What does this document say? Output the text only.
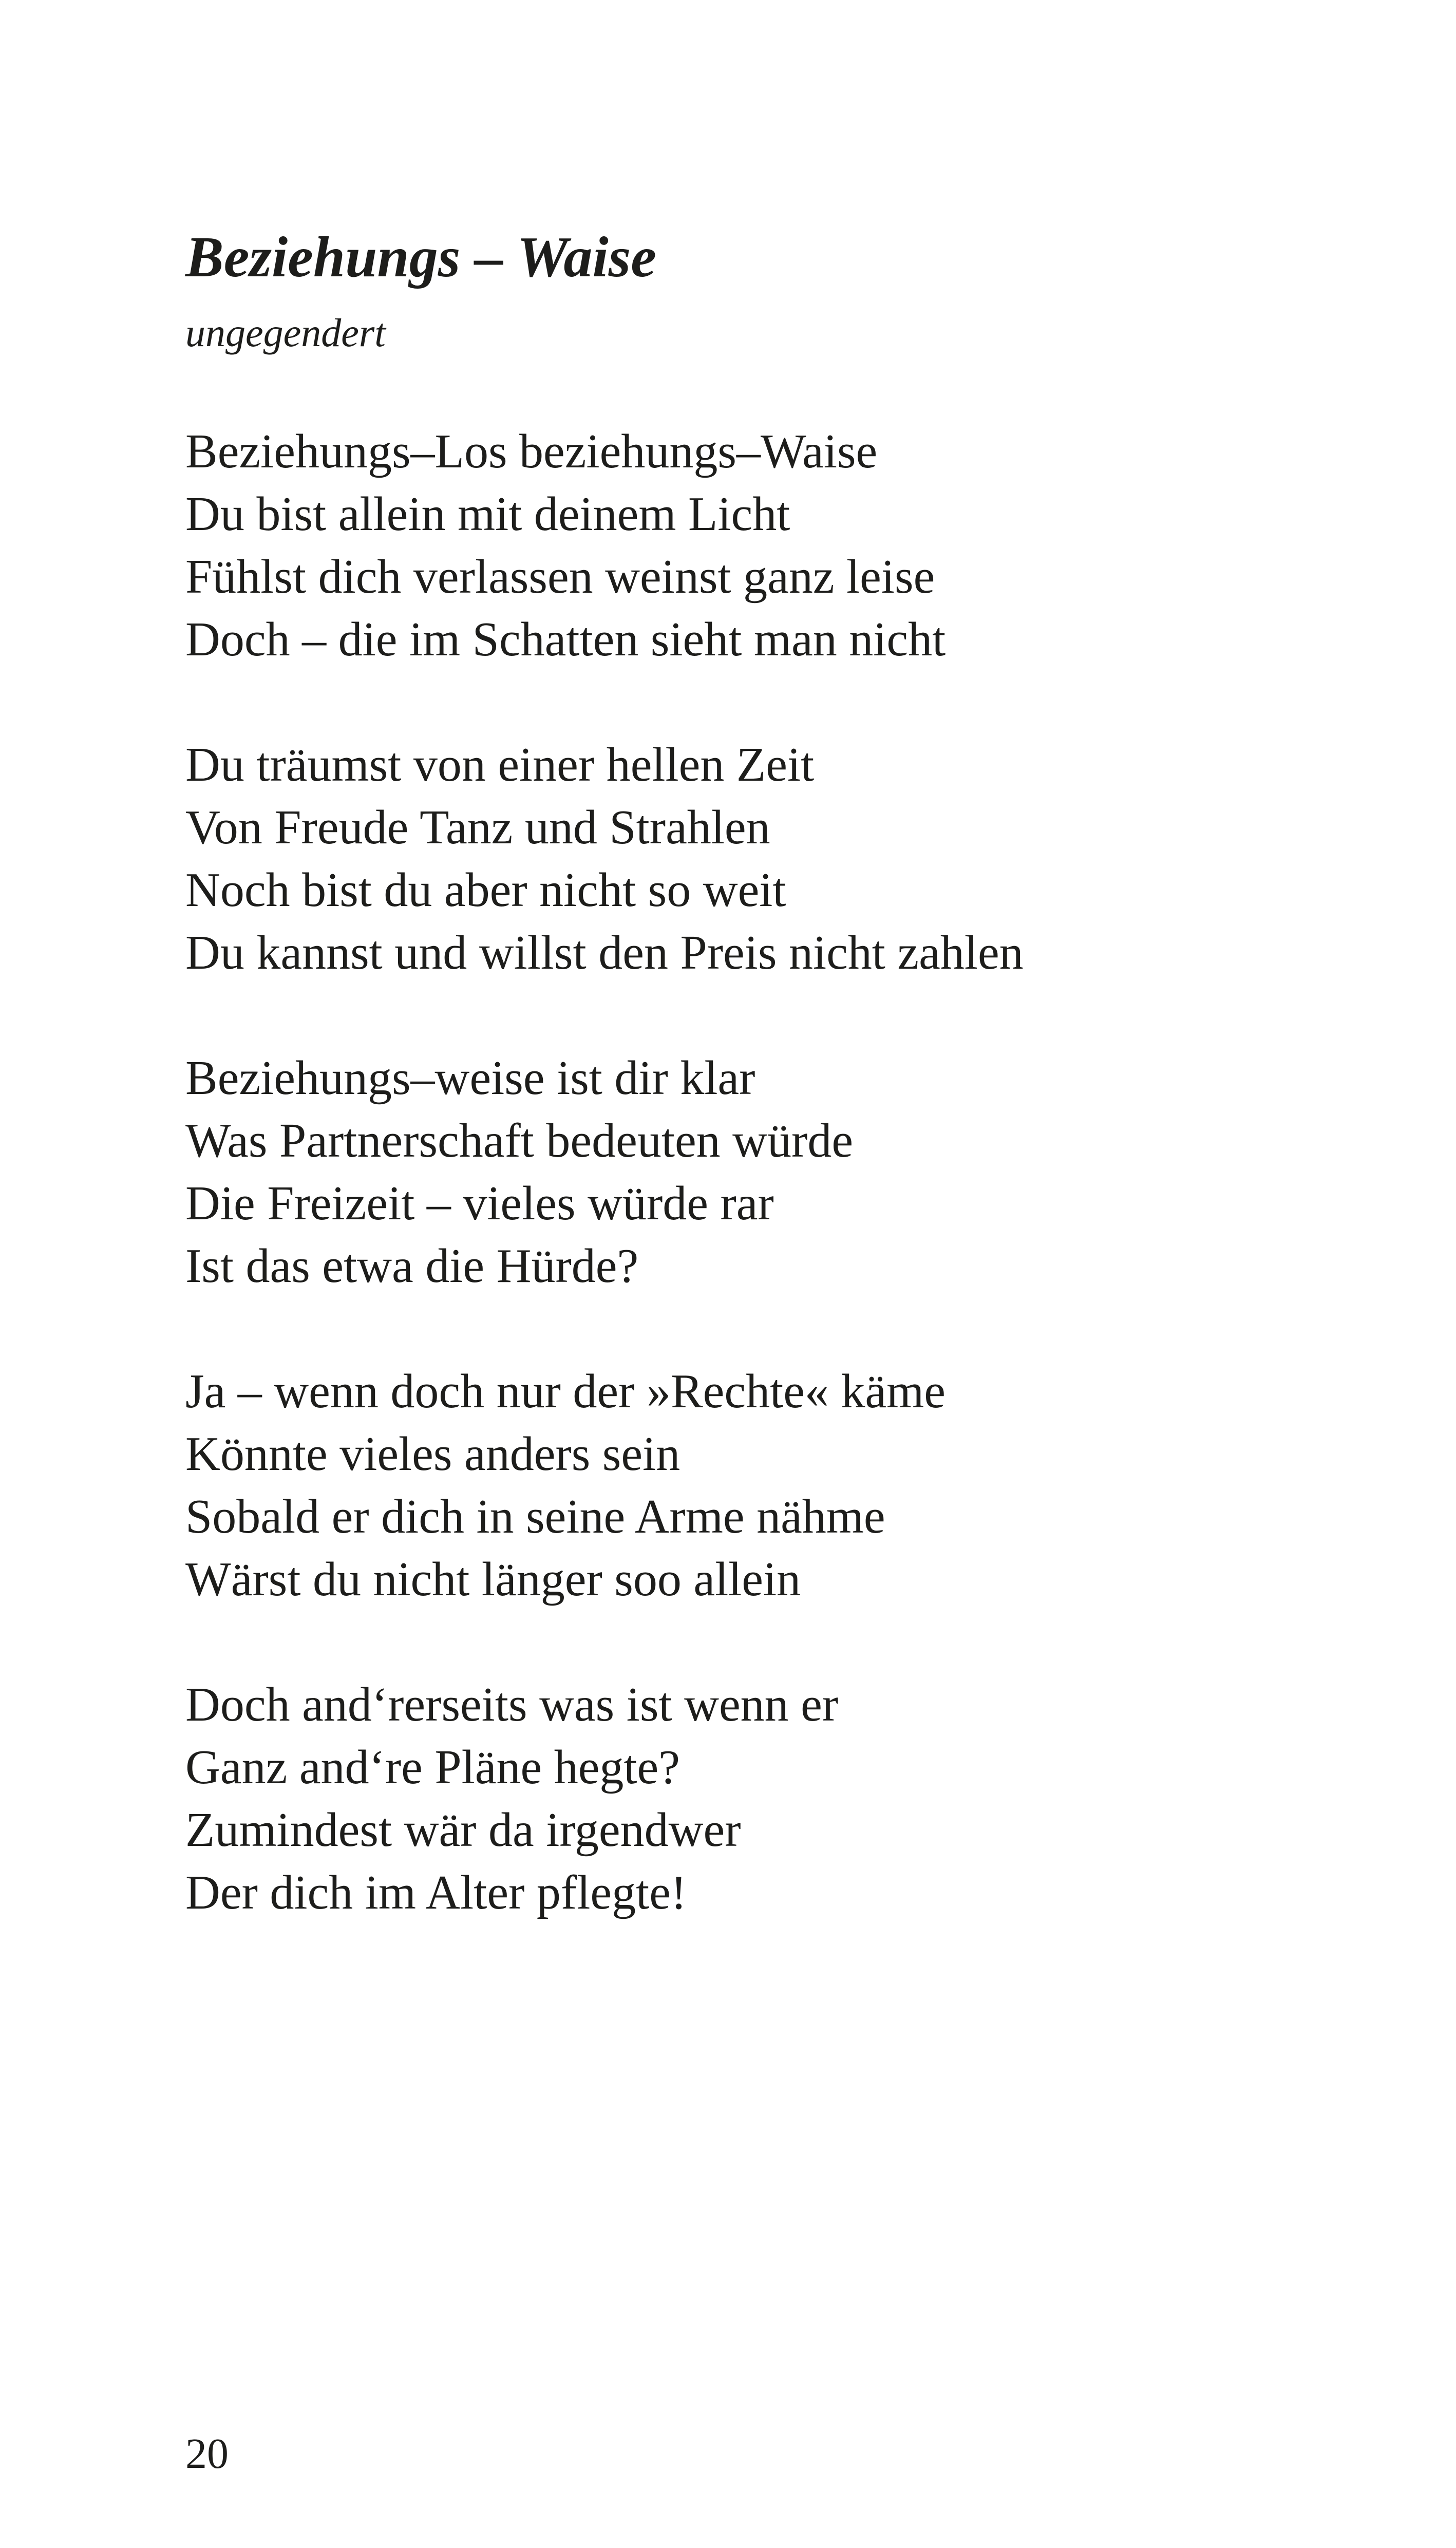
Beziehungs – Waise

ungegendert

Beziehungs–Los beziehungs–Waise
Du bist allein mit deinem Licht
Fühlst dich verlassen weinst ganz leise
Doch – die im Schatten sieht man nicht
Du träumst von einer hellen Zeit
Von Freude Tanz und Strahlen
Noch bist du aber nicht so weit
Du kannst und willst den Preis nicht zahlen
Beziehungs–weise ist dir klar
Was Partnerschaft bedeuten würde
Die Freizeit – vieles würde rar
Ist das etwa die Hürde?
Ja – wenn doch nur der »Rechte« käme
Könnte vieles anders sein
Sobald er dich in seine Arme nähme
Wärst du nicht länger soo allein
Doch and‘rerseits was ist wenn er
Ganz and‘re Pläne hegte?
Zumindest wär da irgendwer
Der dich im Alter pflegte!
20
